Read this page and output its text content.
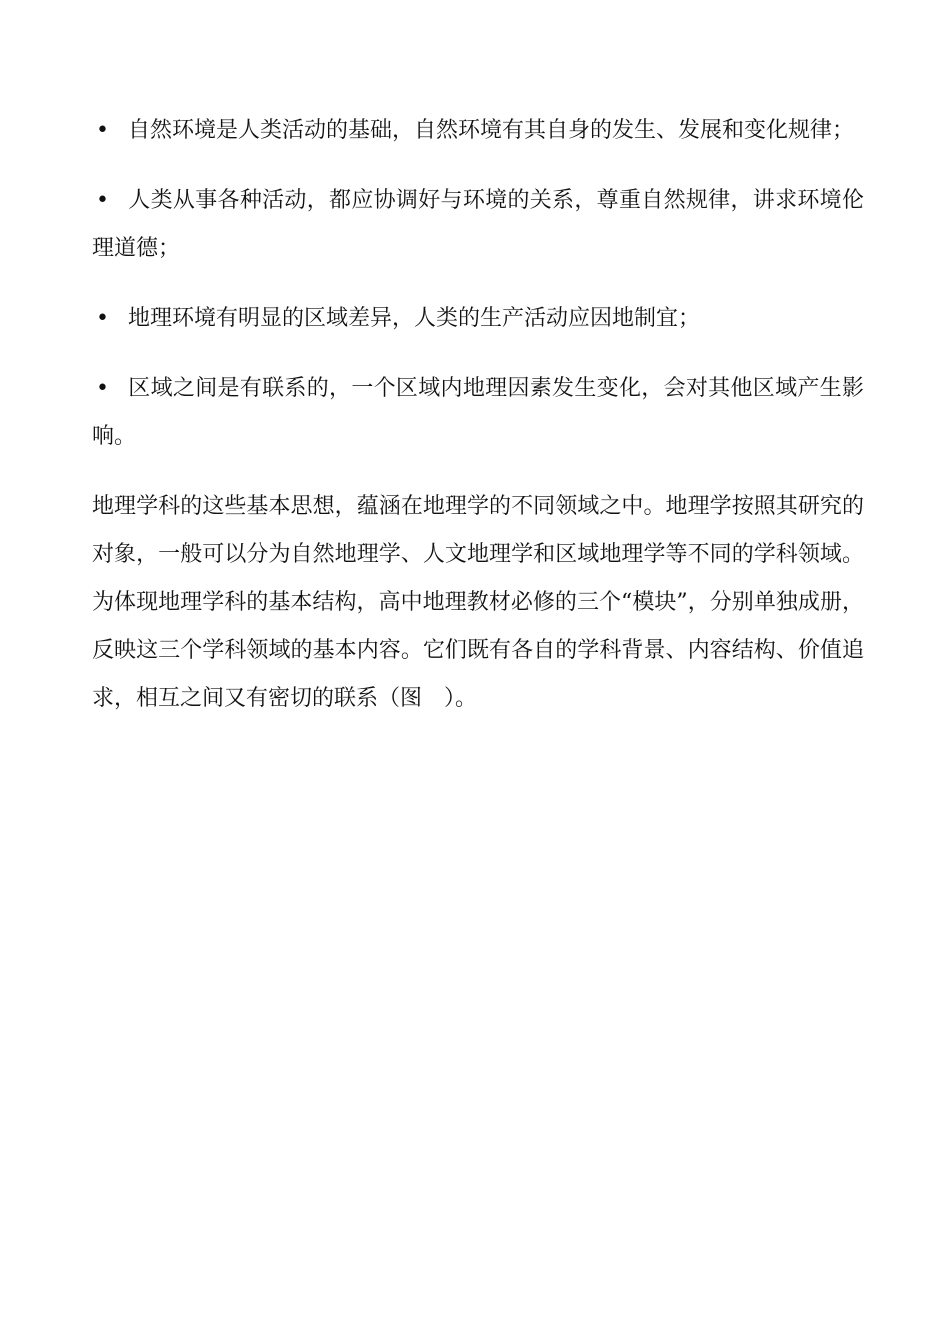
• 自然环境是人类活动的基础，自然环境有其自身的发生、发展和变化规律；
• 人类从事各种活动，都应协调好与环境的关系，尊重自然规律，讲求环境伦理道德；
• 地理环境有明显的区域差异，人类的生产活动应因地制宜；
• 区域之间是有联系的，一个区域内地理因素发生变化，会对其他区域产生影响。

地理学科的这些基本思想，蕴涵在地理学的不同领域之中。地理学按照其研究的对象，一般可以分为自然地理学、人文地理学和区域地理学等不同的学科领域。为体现地理学科的基本结构，高中地理教材必修的三个“模块”，分别单独成册，反映这三个学科领域的基本内容。它们既有各自的学科背景、内容结构、价值追求，相互之间又有密切的联系（图　）。
